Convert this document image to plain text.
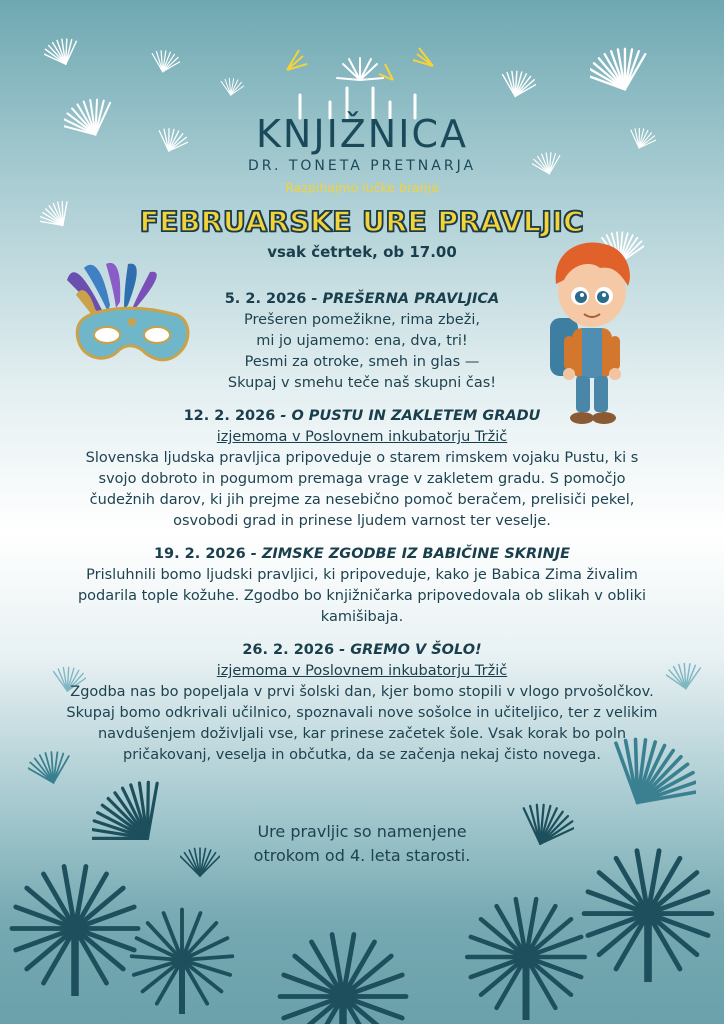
KNJIŽNICA
DR. TONETA PRETNARJA
Razpihajmo lučke branja
FEBRUARSKE URE PRAVLJIC
vsak četrtek, ob 17.00
5. 2. 2026 - PREŠERNA PRAVLJICA
Prešeren pomežikne, rima zbeži,
mi jo ujamemo: ena, dva, tri!
Pesmi za otroke, smeh in glas —
Skupaj v smehu teče naš skupni čas!
12. 2. 2026 - O PUSTU IN ZAKLETEM GRADU
izjemoma v Poslovnem inkubatorju Tržič
Slovenska ljudska pravljica pripoveduje o starem rimskem vojaku Pustu, ki s
svojo dobroto in pogumom premaga vrage v zakletem gradu. S pomočjo
čudežnih darov, ki jih prejme za nesebično pomoč beračem, prelisiči pekel,
osvobodi grad in prinese ljudem varnost ter veselje.
19. 2. 2026 - ZIMSKE ZGODBE IZ BABIČINE SKRINJE
Prisluhnili bomo ljudski pravljici, ki pripoveduje, kako je Babica Zima živalim
podarila tople kožuhe. Zgodbo bo knjižničarka pripovedovala ob slikah v obliki
kamišibaja.
26. 2. 2026 - GREMO V ŠOLO!
izjemoma v Poslovnem inkubatorju Tržič
Zgodba nas bo popeljala v prvi šolski dan, kjer bomo stopili v vlogo prvošolčkov.
Skupaj bomo odkrivali učilnico, spoznavali nove sošolce in učiteljico, ter z velikim
navdušenjem doživljali vse, kar prinese začetek šole. Vsak korak bo poln
pričakovanj, veselja in občutka, da se začenja nekaj čisto novega.
Ure pravljic so namenjene
otrokom od 4. leta starosti.
